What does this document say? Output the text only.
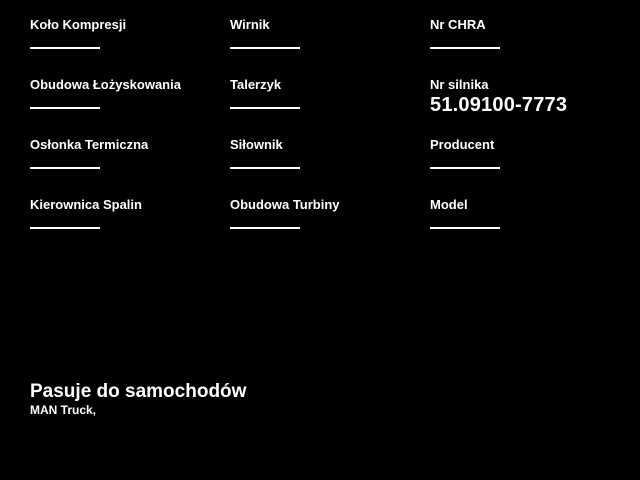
Koło Kompresji	Wirnik	Nr CHRA
Obudowa Łożyskowania	Talerzyk	Nr silnika
51.09100-7773
Osłonka Termiczna	Siłownik	Producent
Kierownica Spalin	Obudowa Turbiny	Model
Pasuje do samochodów

MAN Truck,
